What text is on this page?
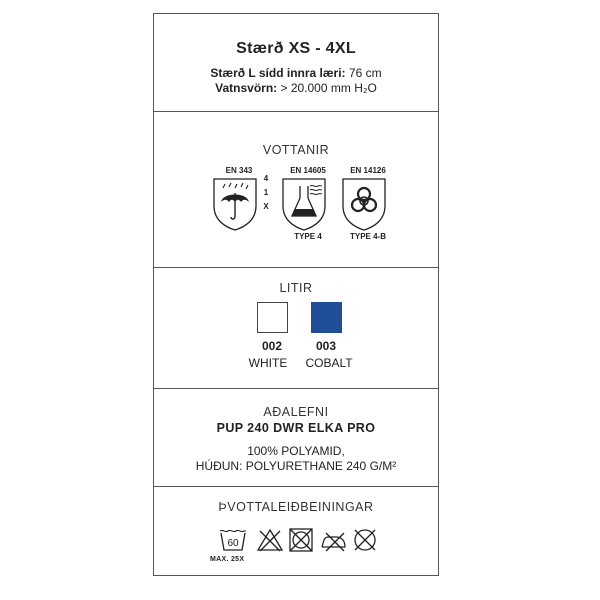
Stærð XS - 4XL
Stærð L sídd innra læri: 76 cm
Vatnsvörn: > 20.000 mm H₂O
VOTTANIR
EN 343
4
1
X
EN 14605
TYPE 4
EN 14126
TYPE 4-B
LITIR
002	003
WHITE	COBALT
AÐALEFNI
PUP 240 DWR ELKA PRO
100% POLYAMID,
HÚÐUN: POLYURETHANE 240 G/M²
ÞVOTTALEIÐBEININGAR
60
MAX. 25X
